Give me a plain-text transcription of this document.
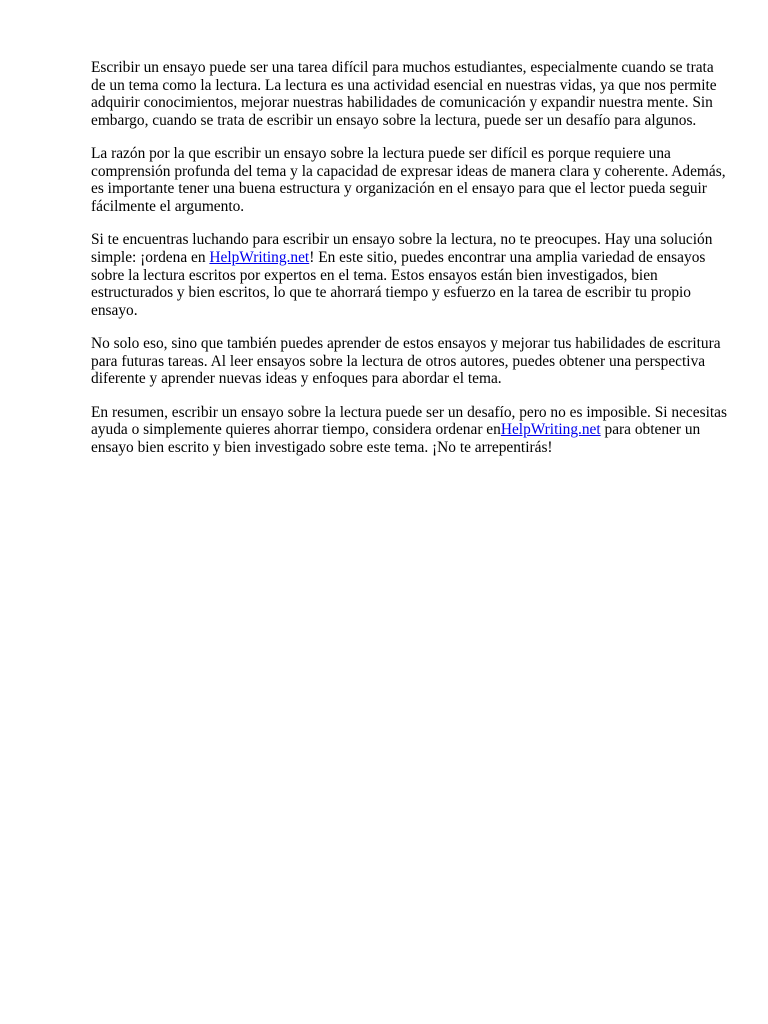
Escribir un ensayo puede ser una tarea difícil para muchos estudiantes, especialmente cuando se trata de un tema como la lectura. La lectura es una actividad esencial en nuestras vidas, ya que nos permite adquirir conocimientos, mejorar nuestras habilidades de comunicación y expandir nuestra mente. Sin embargo, cuando se trata de escribir un ensayo sobre la lectura, puede ser un desafío para algunos.

La razón por la que escribir un ensayo sobre la lectura puede ser difícil es porque requiere una comprensión profunda del tema y la capacidad de expresar ideas de manera clara y coherente. Además, es importante tener una buena estructura y organización en el ensayo para que el lector pueda seguir fácilmente el argumento.

Si te encuentras luchando para escribir un ensayo sobre la lectura, no te preocupes. Hay una solución simple: ¡ordena en HelpWriting.net! En este sitio, puedes encontrar una amplia variedad de ensayos sobre la lectura escritos por expertos en el tema. Estos ensayos están bien investigados, bien estructurados y bien escritos, lo que te ahorrará tiempo y esfuerzo en la tarea de escribir tu propio ensayo.

No solo eso, sino que también puedes aprender de estos ensayos y mejorar tus habilidades de escritura para futuras tareas. Al leer ensayos sobre la lectura de otros autores, puedes obtener una perspectiva diferente y aprender nuevas ideas y enfoques para abordar el tema.

En resumen, escribir un ensayo sobre la lectura puede ser un desafío, pero no es imposible. Si necesitas ayuda o simplemente quieres ahorrar tiempo, considera ordenar enHelpWriting.net para obtener un ensayo bien escrito y bien investigado sobre este tema. ¡No te arrepentirás!
